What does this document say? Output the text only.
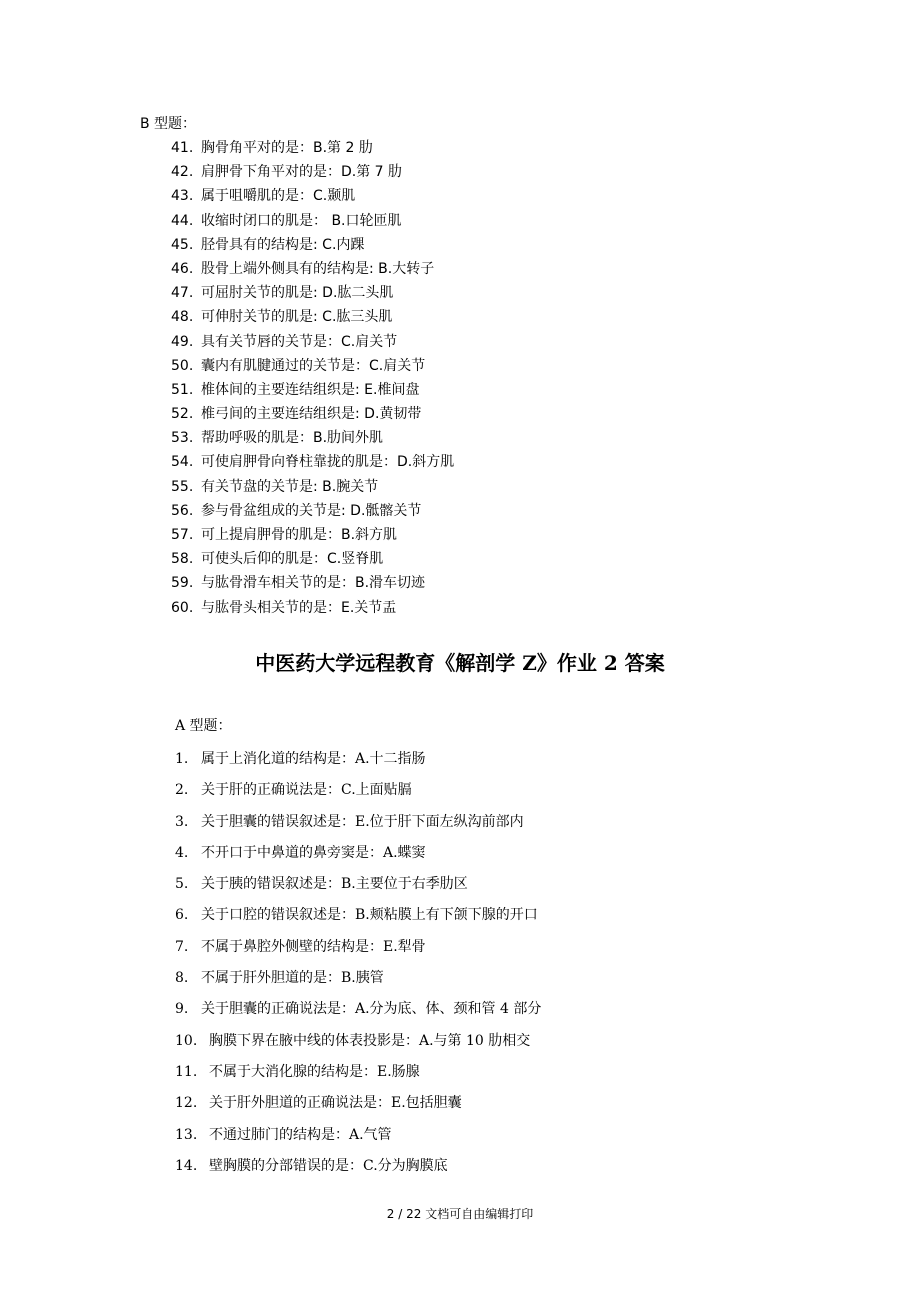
B 型题：
41. 胸骨角平对的是：B.第 2 肋
42. 肩胛骨下角平对的是：D.第 7 肋
43. 属于咀嚼肌的是：C.颞肌
44. 收缩时闭口的肌是： B.口轮匝肌
45. 胫骨具有的结构是: C.内踝
46. 股骨上端外侧具有的结构是: B.大转子
47. 可屈肘关节的肌是: D.肱二头肌
48. 可伸肘关节的肌是: C.肱三头肌
49. 具有关节唇的关节是：C.肩关节
50. 囊内有肌腱通过的关节是：C.肩关节
51. 椎体间的主要连结组织是: E.椎间盘
52. 椎弓间的主要连结组织是: D.黄韧带
53. 帮助呼吸的肌是：B.肋间外肌
54. 可使肩胛骨向脊柱靠拢的肌是：D.斜方肌
55. 有关节盘的关节是: B.腕关节
56. 参与骨盆组成的关节是: D.骶髂关节
57. 可上提肩胛骨的肌是：B.斜方肌
58. 可使头后仰的肌是：C.竖脊肌
59. 与肱骨滑车相关节的是：B.滑车切迹
60. 与肱骨头相关节的是：E.关节盂
中医药大学远程教育《解剖学 Z》作业 2 答案
A 型题：
1. 属于上消化道的结构是：A.十二指肠
2. 关于肝的正确说法是：C.上面贴膈
3. 关于胆囊的错误叙述是：E.位于肝下面左纵沟前部内
4. 不开口于中鼻道的鼻旁窦是：A.蝶窦
5. 关于胰的错误叙述是：B.主要位于右季肋区
6. 关于口腔的错误叙述是：B.颊粘膜上有下颌下腺的开口
7. 不属于鼻腔外侧壁的结构是：E.犁骨
8. 不属于肝外胆道的是：B.胰管
9. 关于胆囊的正确说法是：A.分为底、体、颈和管 4 部分
10. 胸膜下界在腋中线的体表投影是：A.与第 10 肋相交
11. 不属于大消化腺的结构是：E.肠腺
12. 关于肝外胆道的正确说法是：E.包括胆囊
13. 不通过肺门的结构是：A.气管
14. 壁胸膜的分部错误的是：C.分为胸膜底
2 / 22 文档可自由编辑打印
